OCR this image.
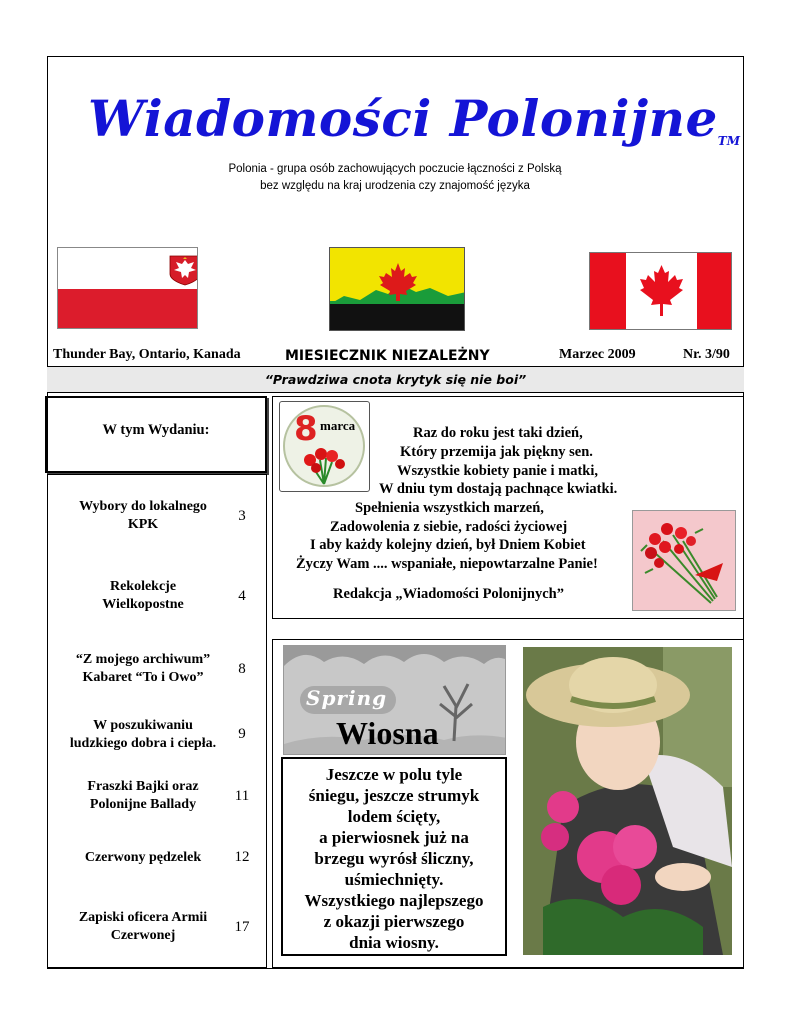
Wiadomości Polonijne™
Polonia - grupa osób zachowujących poczucie łączności z Polską
bez względu na kraj urodzenia czy znajomość języka
Thunder Bay, Ontario, Kanada	MIESIECZNIK NIEZALEŻNY	Marzec 2009	Nr. 3/90
“Prawdziwa cnota krytyk się nie boi”
W tym Wydaniu:
Wybory do lokalnego
KPK
3
Rekolekcje
Wielkopostne
4
“Z mojego archiwum”
Kabaret “To i Owo”
8
W poszukiwaniu
ludzkiego dobra i ciepła.
9
Fraszki Bajki oraz
Polonijne Ballady
11
Czerwony pędzelek	12
Zapiski oficera Armii
Czerwonej
17
8 marca	Raz do roku jest taki dzień,
Który przemija jak piękny sen.
Wszystkie kobiety panie i matki,
W dniu tym dostają pachnące kwiatki.
Spełnienia wszystkich marzeń,
Zadowolenia z siebie, radości życiowej
I aby każdy kolejny dzień, był Dniem Kobiet
Życzy Wam .... wspaniałe, niepowtarzalne Panie!
Redakcja „Wiadomości Polonijnych”
Spring
Wiosna
Jeszcze w polu tyle
śniegu, jeszcze strumyk
lodem ścięty,
a pierwiosnek już na
brzegu wyrósł śliczny,
uśmiechnięty.
Wszystkiego najlepszego
z okazji pierwszego
dnia wiosny.
